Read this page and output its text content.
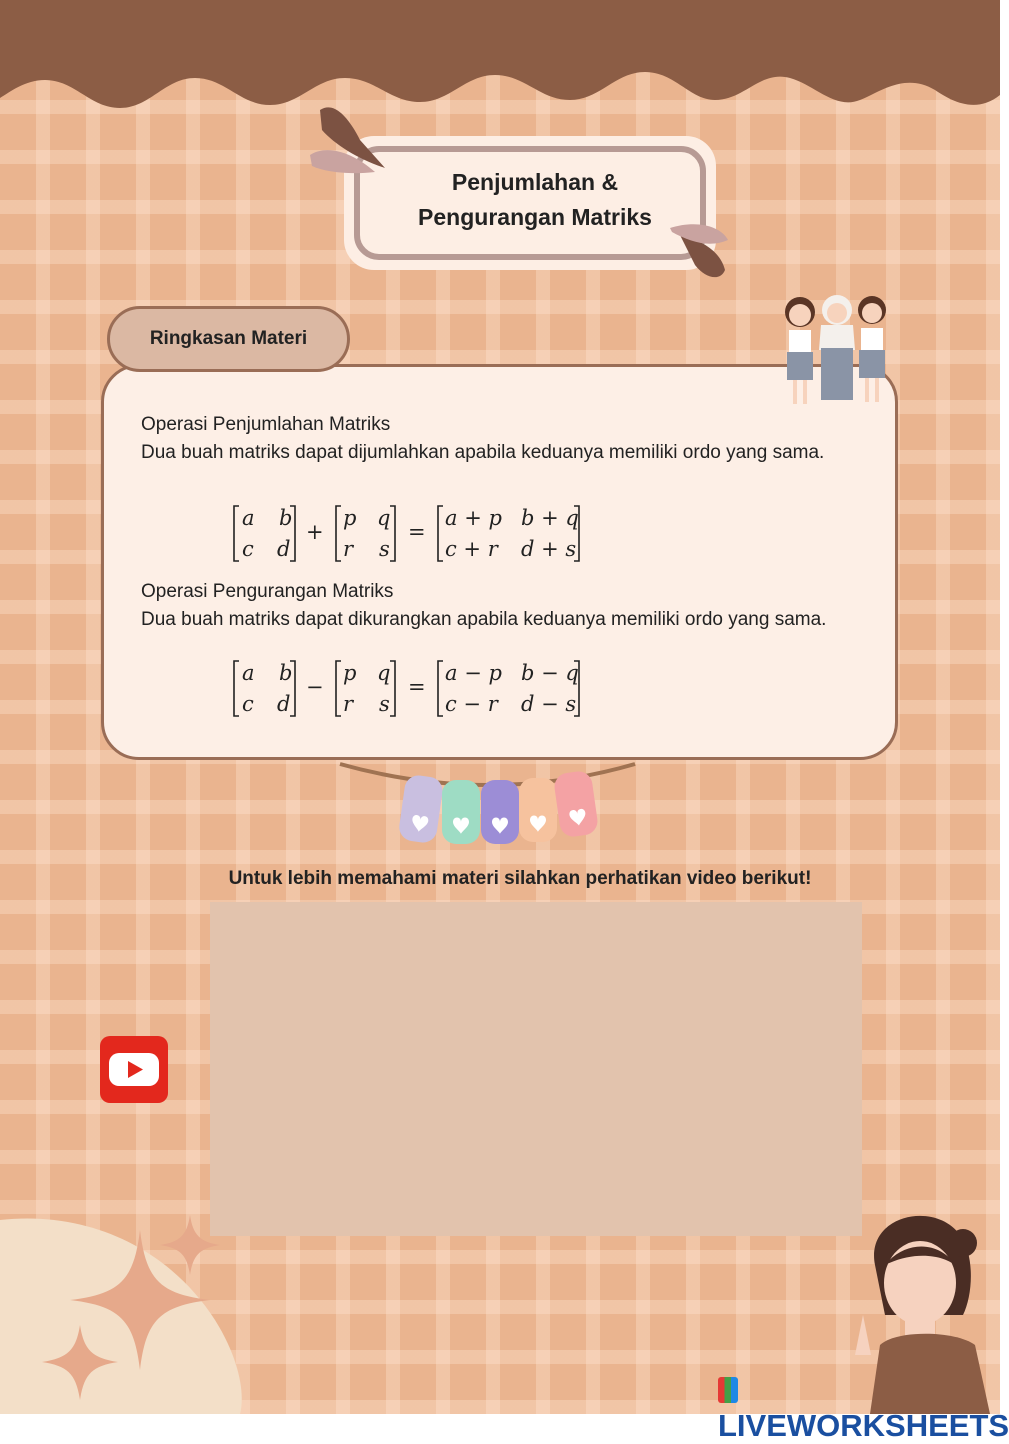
Penjumlahan &
Pengurangan Matriks
Operasi Penjumlahan Matriks
Dua buah matriks dapat dijumlahkan apabila keduanya memiliki ordo yang sama.
Operasi Pengurangan Matriks
Dua buah matriks dapat dikurangkan apabila keduanya memiliki ordo yang sama.
Ringkasan Materi
a b
c d
+
p q
r s
=
a + p b + q
c + r d + s
a b
c d
−
p q
r s
=
a − p b − q
c − r d − s
Untuk lebih memahami materi silahkan perhatikan video berikut!
LIVEWORKSHEETS
